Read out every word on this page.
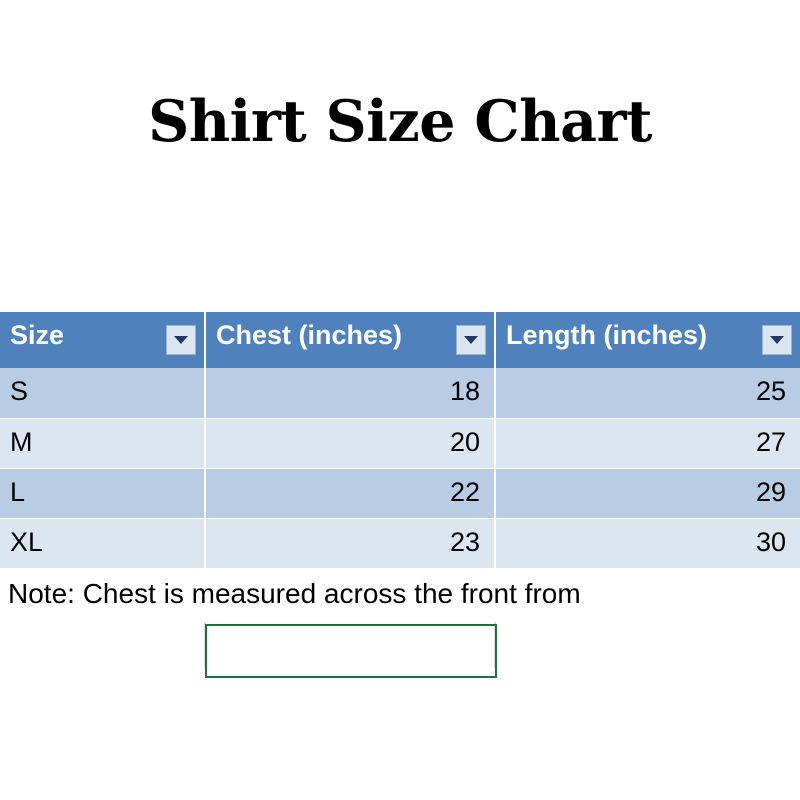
Shirt Size Chart
Size	Chest (inches)	Length (inches)

S	18	25
M	20	27
L	22	29
XL	23	30
Note: Chest is measured across the front from		
